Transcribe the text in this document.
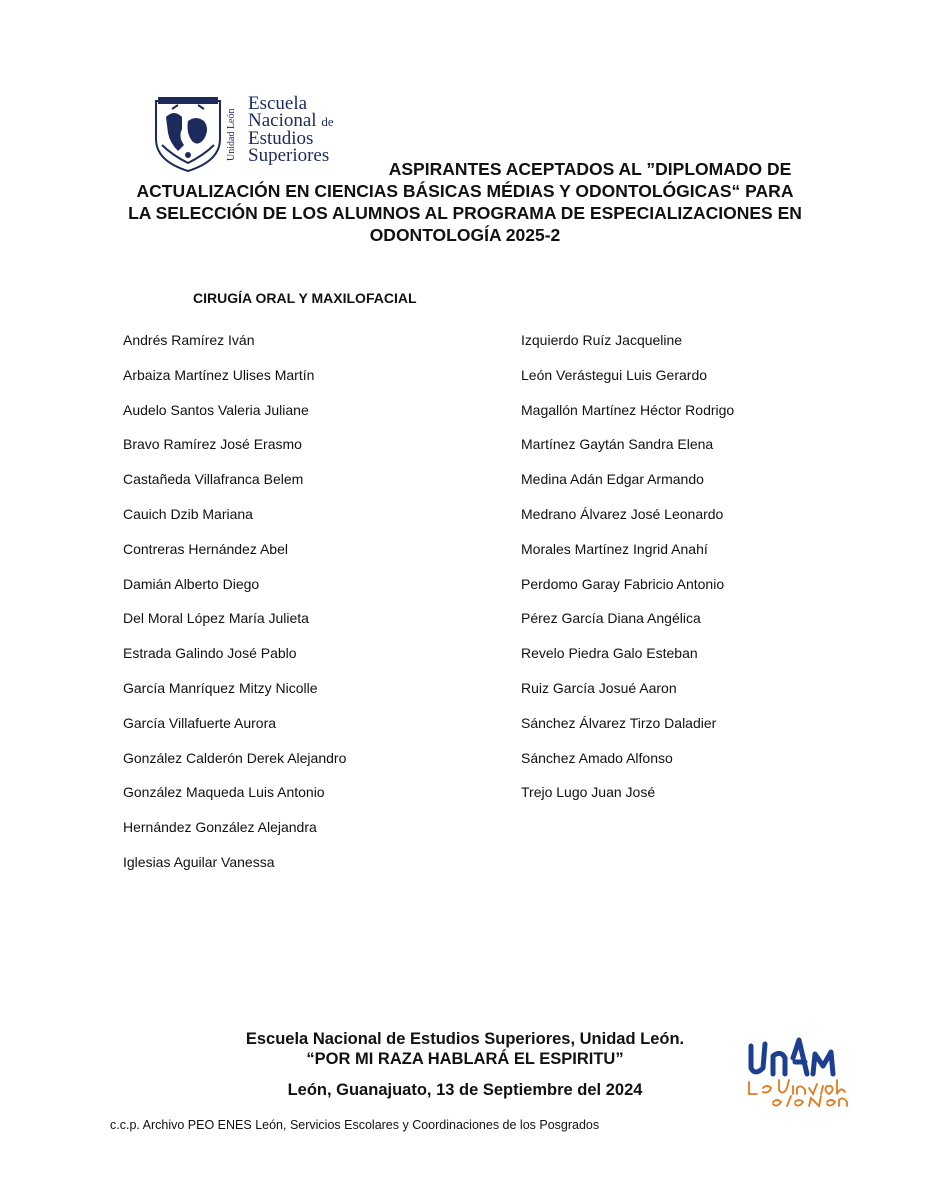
Unidad León
Escuela
Nacional de
Estudios
Superiores
ASPIRANTES ACEPTADOS AL ”DIPLOMADO DE
ACTUALIZACIÓN EN CIENCIAS BÁSICAS MÉDIAS Y ODONTOLÓGICAS“ PARA
LA SELECCIÓN DE LOS ALUMNOS AL PROGRAMA DE ESPECIALIZACIONES EN
ODONTOLOGÍA 2025-2
CIRUGÍA ORAL Y MAXILOFACIAL
Andrés Ramírez Iván
Arbaiza Martínez Ulises Martín
Audelo Santos Valeria Juliane
Bravo Ramírez José Erasmo
Castañeda Villafranca Belem
Cauich Dzib Mariana
Contreras Hernández Abel
Damián Alberto Diego
Del Moral López María Julieta
Estrada Galindo José Pablo
García Manríquez Mitzy Nicolle
García Villafuerte Aurora
González Calderón Derek Alejandro
González Maqueda Luis Antonio
Hernández González Alejandra
Iglesias Aguilar Vanessa
Izquierdo Ruíz Jacqueline
León Verástegui Luis Gerardo
Magallón Martínez Héctor Rodrigo
Martínez Gaytán Sandra Elena
Medina Adán Edgar Armando
Medrano Álvarez José Leonardo
Morales Martínez Ingrid Anahí
Perdomo Garay Fabricio Antonio
Pérez García Diana Angélica
Revelo Piedra Galo Esteban
Ruiz García Josué Aaron
Sánchez Álvarez Tirzo Daladier
Sánchez Amado Alfonso
Trejo Lugo Juan José

Escuela Nacional de Estudios Superiores, Unidad León.

“POR MI RAZA HABLARÁ EL ESPIRITU”

León, Guanajuato, 13 de Septiembre del 2024

c.c.p. Archivo PEO ENES León, Servicios Escolares y Coordinaciones de los Posgrados
